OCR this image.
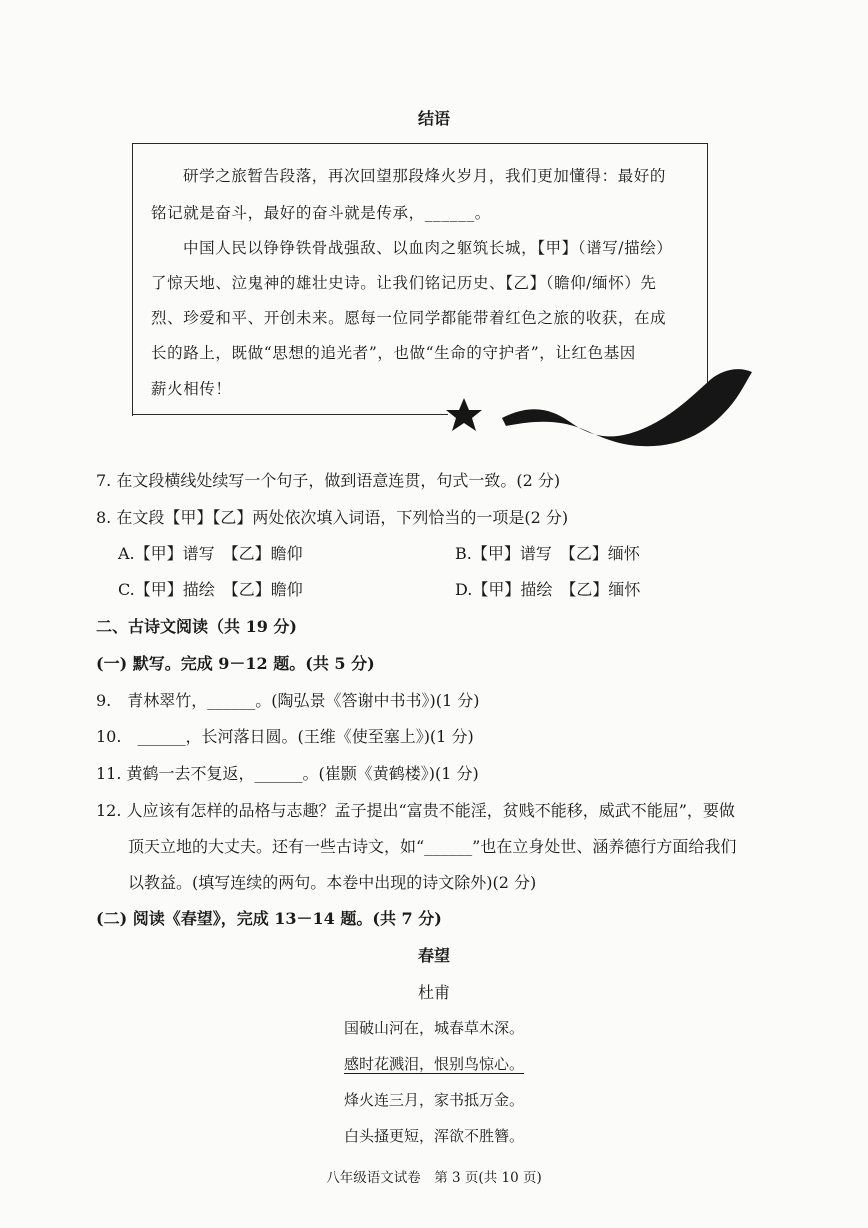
结语

研学之旅暂告段落，再次回望那段烽火岁月，我们更加懂得：最好的

铭记就是奋斗，最好的奋斗就是传承，______。

中国人民以铮铮铁骨战强敌、以血肉之躯筑长城，【甲】（谱写/描绘）

了惊天地、泣鬼神的雄壮史诗。让我们铭记历史、【乙】（瞻仰/缅怀）先

烈、珍爱和平、开创未来。愿每一位同学都能带着红色之旅的收获，在成

长的路上，既做“思想的追光者”，也做“生命的守护者”，让红色基因

薪火相传！

7. 在文段横线处续写一个句子，做到语意连贯，句式一致。(2 分)
8. 在文段【甲】【乙】两处依次填入词语，下列恰当的一项是(2 分)
A.【甲】谱写　【乙】瞻仰	B.【甲】谱写　【乙】缅怀
C.【甲】描绘　【乙】瞻仰	D.【甲】描绘　【乙】缅怀
二、古诗文阅读（共 19 分)
(一) 默写。完成 9－12 题。(共 5 分)
9.　青林翠竹，______。(陶弘景《答谢中书书》)(1 分)
10.　______，长河落日圆。(王维《使至塞上》)(1 分)
11. 黄鹤一去不复返，______。(崔颢《黄鹤楼》)(1 分)
12. 人应该有怎样的品格与志趣？孟子提出“富贵不能淫，贫贱不能移，威武不能屈”，要做
顶天立地的大丈夫。还有一些古诗文，如“______”也在立身处世、涵养德行方面给我们
以教益。(填写连续的两句。本卷中出现的诗文除外)(2 分)
(二) 阅读《春望》，完成 13－14 题。(共 7 分)
春望
杜甫
国破山河在，城春草木深。
感时花溅泪，恨别鸟惊心。
烽火连三月，家书抵万金。
白头搔更短，浑欲不胜簪。
八年级语文试卷　第 3 页(共 10 页)
